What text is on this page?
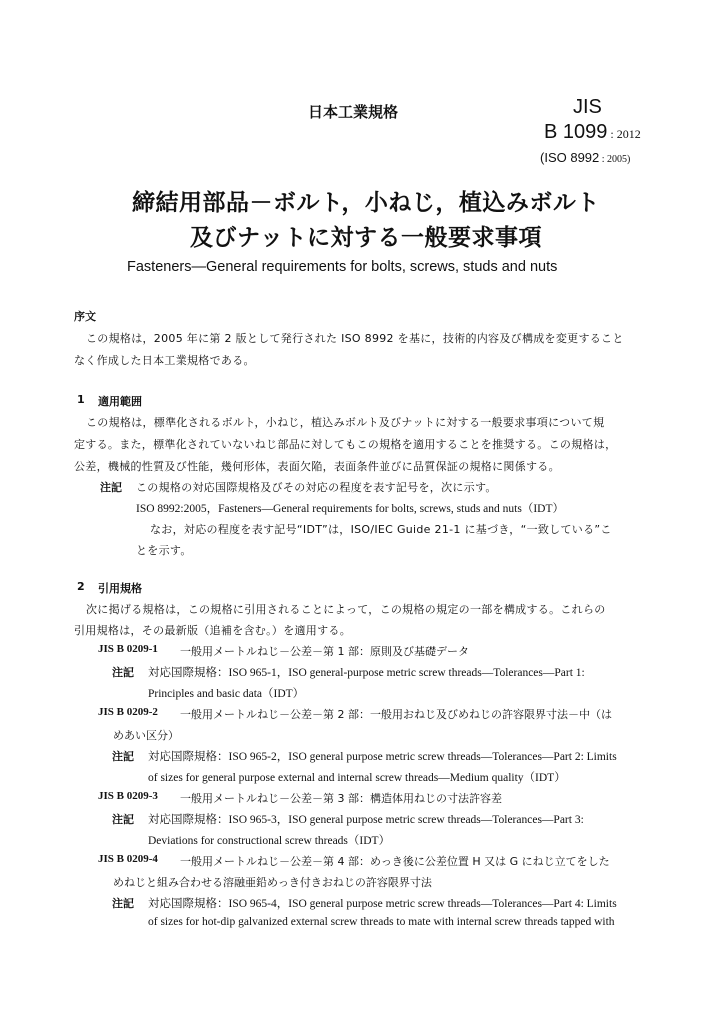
日本工業規格	JIS
B 1099 : 2012
(ISO 8992 : 2005)
締結用部品－ボルト，小ねじ，植込みボルト
及びナットに対する一般要求事項
Fasteners—General requirements for bolts, screws, studs and nuts
序文
この規格は，2005 年に第 2 版として発行された ISO 8992 を基に，技術的内容及び構成を変更すること
なく作成した日本工業規格である。
1 適用範囲
この規格は，標準化されるボルト，小ねじ，植込みボルト及びナットに対する一般要求事項について規
定する。また，標準化されていないねじ部品に対してもこの規格を適用することを推奨する。この規格は，
公差，機械的性質及び性能，幾何形体，表面欠陥，表面条件並びに品質保証の規格に関係する。
注記 この規格の対応国際規格及びその対応の程度を表す記号を，次に示す。
ISO 8992:2005，Fasteners—General requirements for bolts, screws, studs and nuts（IDT）
なお，対応の程度を表す記号“IDT”は，ISO/IEC Guide 21-1 に基づき，“一致している”こ
とを示す。
2 引用規格
次に掲げる規格は，この規格に引用されることによって，この規格の規定の一部を構成する。これらの
引用規格は，その最新版（追補を含む。）を適用する。
JIS B 0209-1 一般用メートルねじ－公差－第 1 部：原則及び基礎データ
注記 対応国際規格：ISO 965-1，ISO general-purpose metric screw threads—Tolerances—Part 1:
Principles and basic data（IDT）
JIS B 0209-2 一般用メートルねじ－公差－第 2 部：一般用おねじ及びめねじの許容限界寸法－中（は
めあい区分）
注記 対応国際規格：ISO 965-2，ISO general purpose metric screw threads—Tolerances—Part 2: Limits
of sizes for general purpose external and internal screw threads—Medium quality（IDT）
JIS B 0209-3 一般用メートルねじ－公差－第 3 部：構造体用ねじの寸法許容差
注記 対応国際規格：ISO 965-3，ISO general purpose metric screw threads—Tolerances—Part 3:
Deviations for constructional screw threads（IDT）
JIS B 0209-4 一般用メートルねじ－公差－第 4 部：めっき後に公差位置 H 又は G にねじ立てをした
めねじと組み合わせる溶融亜鉛めっき付きおねじの許容限界寸法
注記 対応国際規格：ISO 965-4，ISO general purpose metric screw threads—Tolerances—Part 4: Limits
of sizes for hot-dip galvanized external screw threads to mate with internal screw threads tapped with
